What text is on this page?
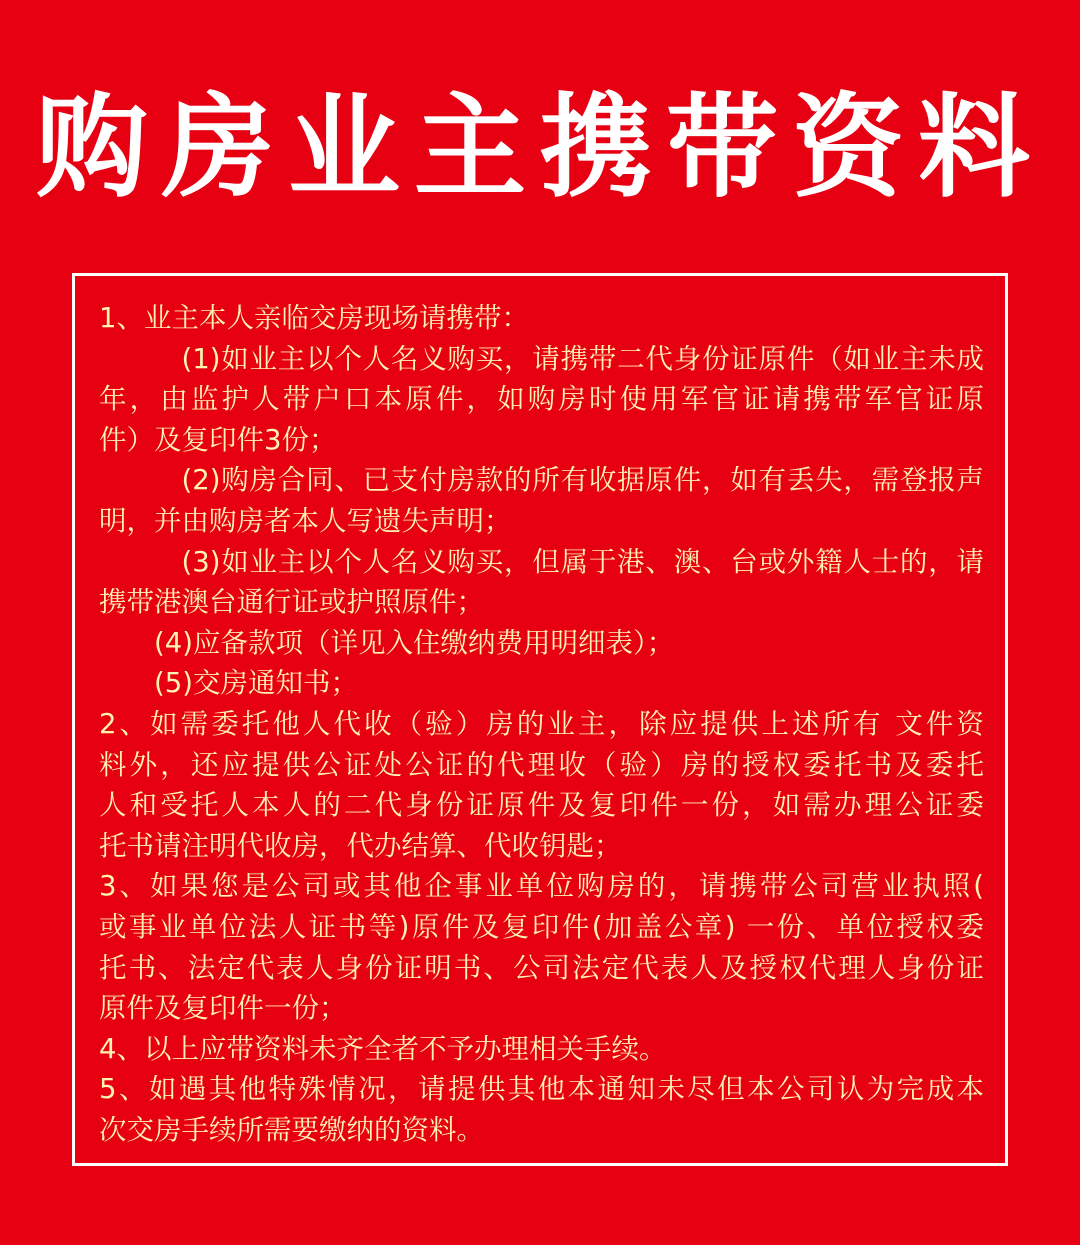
购房业主携带资料
1、业主本人亲临交房现场请携带：
(1)如业主以个人名义购买，请携带二代身份证原件（如业主未成
年，由监护人带户口本原件，如购房时使用军官证请携带军官证原
件）及复印件3份；
(2)购房合同、已支付房款的所有收据原件，如有丢失，需登报声
明，并由购房者本人写遗失声明；
(3)如业主以个人名义购买，但属于港、澳、台或外籍人士的，请
携带港澳台通行证或护照原件；
(4)应备款项（详见入住缴纳费用明细表）；
(5)交房通知书；
2、如需委托他人代收（验）房的业主，除应提供上述所有 文件资
料外，还应提供公证处公证的代理收（验）房的授权委托书及委托
人和受托人本人的二代身份证原件及复印件一份，如需办理公证委
托书请注明代收房，代办结算、代收钥匙；
3、如果您是公司或其他企事业单位购房的，请携带公司营业执照(
或事业单位法人证书等)原件及复印件(加盖公章) 一份、单位授权委
托书、法定代表人身份证明书、公司法定代表人及授权代理人身份证
原件及复印件一份；
4、以上应带资料未齐全者不予办理相关手续。
5、如遇其他特殊情况，请提供其他本通知未尽但本公司认为完成本
次交房手续所需要缴纳的资料。
